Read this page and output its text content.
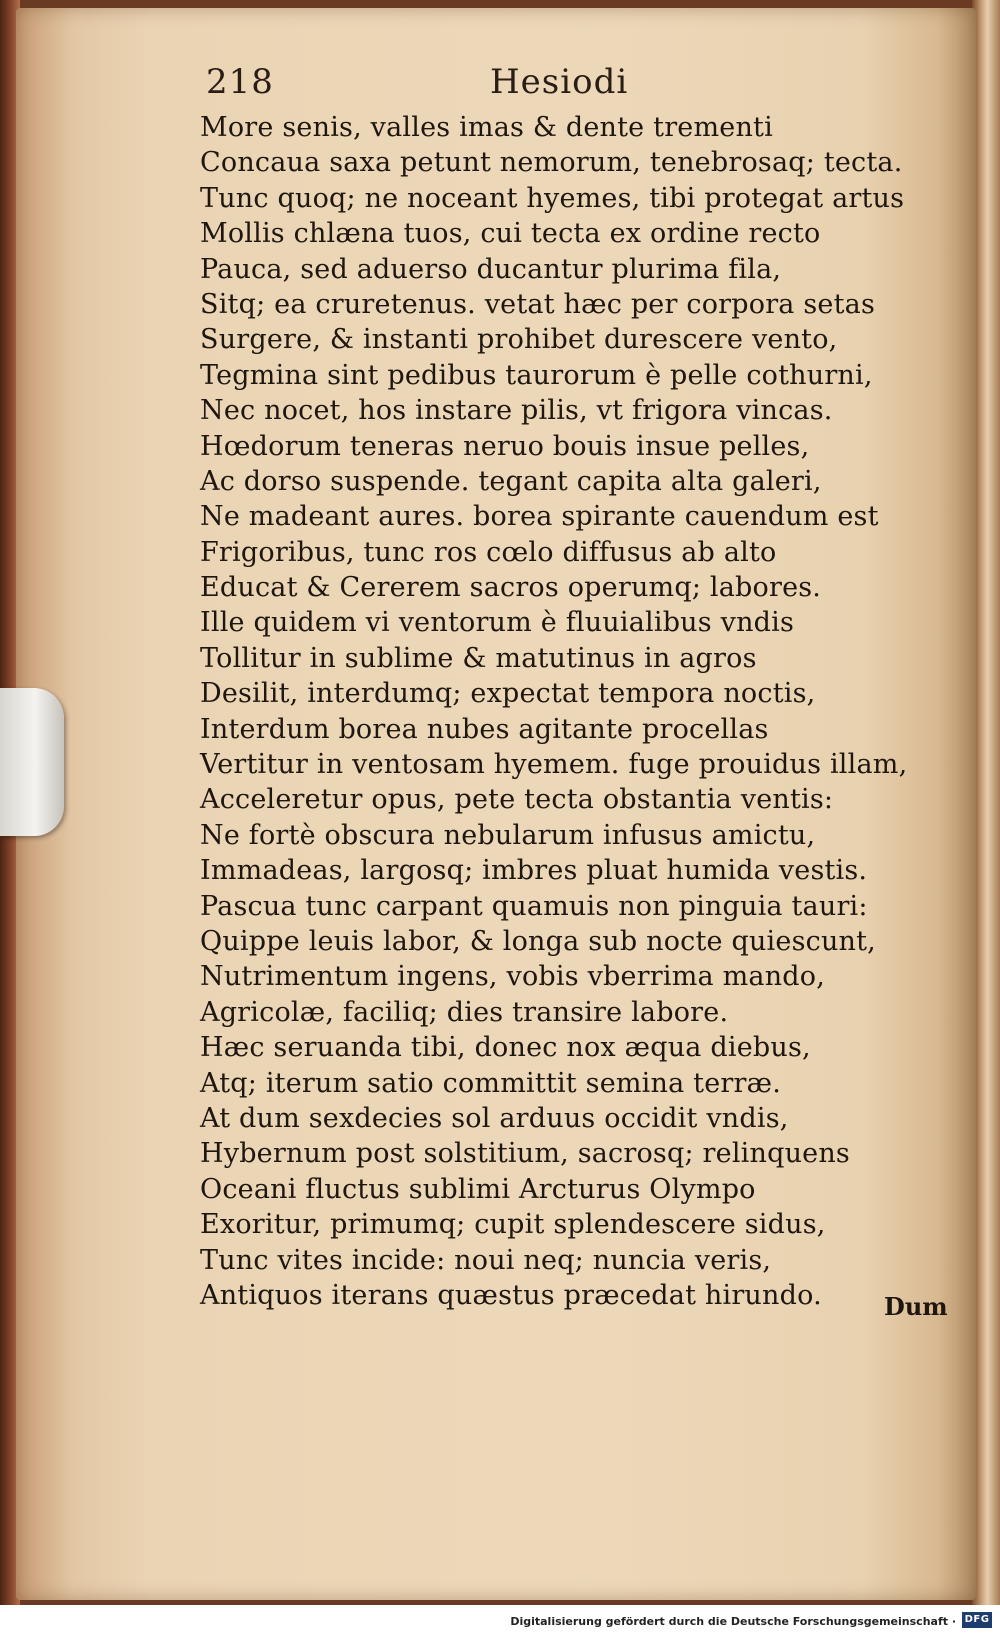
218	Hesiodi
More senis, valles imas & dente trementi
Concaua saxa petunt nemorum, tenebrosaq; tecta.
Tunc quoq; ne noceant hyemes, tibi protegat artus
Mollis chlæna tuos, cui tecta ex ordine recto
Pauca, sed aduerso ducantur plurima fila,
Sitq; ea cruretenus. vetat hæc per corpora setas
Surgere, & instanti prohibet durescere vento,
Tegmina sint pedibus taurorum è pelle cothurni,
Nec nocet, hos instare pilis, vt frigora vincas.
Hœdorum teneras neruo bouis insue pelles,
Ac dorso suspende. tegant capita alta galeri,
Ne madeant aures. borea spirante cauendum est
Frigoribus, tunc ros cœlo diffusus ab alto
Educat & Cererem sacros operumq; labores.
Ille quidem vi ventorum è fluuialibus vndis
Tollitur in sublime & matutinus in agros
Desilit, interdumq; expectat tempora noctis,
Interdum borea nubes agitante procellas
Vertitur in ventosam hyemem. fuge prouidus illam,
Acceleretur opus, pete tecta obstantia ventis:
Ne fortè obscura nebularum infusus amictu,
Immadeas, largosq; imbres pluat humida vestis.
Pascua tunc carpant quamuis non pinguia tauri:
Quippe leuis labor, & longa sub nocte quiescunt,
Nutrimentum ingens, vobis vberrima mando,
Agricolæ, faciliq; dies transire labore.
Hæc seruanda tibi, donec nox æqua diebus,
Atq; iterum satio committit semina terræ.
At dum sexdecies sol arduus occidit vndis,
Hybernum post solstitium, sacrosq; relinquens
Oceani fluctus sublimi Arcturus Olympo
Exoritur, primumq; cupit splendescere sidus,
Tunc vites incide: noui neq; nuncia veris,
Antiquos iterans quæstus præcedat hirundo.	Dum
Digitalisierung gefördert durch die Deutsche Forschungsgemeinschaft · DFG
